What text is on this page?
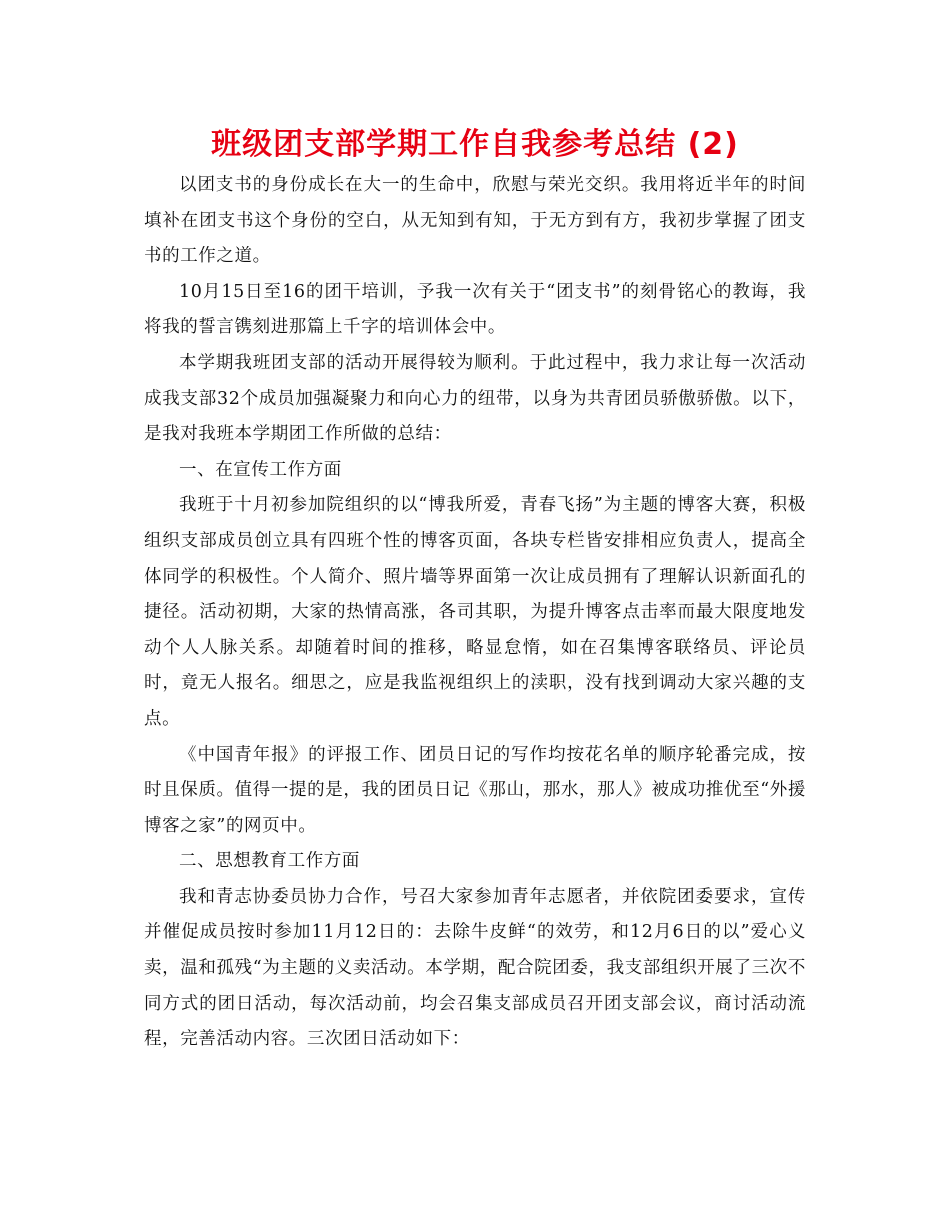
班级团支部学期工作自我参考总结 (2)

以团支书的身份成长在大一的生命中，欣慰与荣光交织。我用将近半年的时间填补在团支书这个身份的空白，从无知到有知，于无方到有方，我初步掌握了团支书的工作之道。

10月15日至16的团干培训，予我一次有关于“团支书”的刻骨铭心的教诲，我将我的誓言镌刻进那篇上千字的培训体会中。

本学期我班团支部的活动开展得较为顺利。于此过程中，我力求让每一次活动成我支部32个成员加强凝聚力和向心力的纽带，以身为共青团员骄傲骄傲。以下，是我对我班本学期团工作所做的总结：

一、在宣传工作方面

我班于十月初参加院组织的以“博我所爱，青春飞扬”为主题的博客大赛，积极组织支部成员创立具有四班个性的博客页面，各块专栏皆安排相应负责人，提高全体同学的积极性。个人简介、照片墙等界面第一次让成员拥有了理解认识新面孔的捷径。活动初期，大家的热情高涨，各司其职，为提升博客点击率而最大限度地发动个人人脉关系。却随着时间的推移，略显怠惰，如在召集博客联络员、评论员时，竟无人报名。细思之，应是我监视组织上的渎职，没有找到调动大家兴趣的支点。

《中国青年报》的评报工作、团员日记的写作均按花名单的顺序轮番完成，按时且保质。值得一提的是，我的团员日记《那山，那水，那人》被成功推优至“外援博客之家”的网页中。

二、思想教育工作方面

我和青志协委员协力合作，号召大家参加青年志愿者，并依院团委要求，宣传并催促成员按时参加11月12日的：去除牛皮鲜“的效劳，和12月6日的以”爱心义卖，温和孤残“为主题的义卖活动。本学期，配合院团委，我支部组织开展了三次不同方式的团日活动，每次活动前，均会召集支部成员召开团支部会议，商讨活动流程，完善活动内容。三次团日活动如下：
